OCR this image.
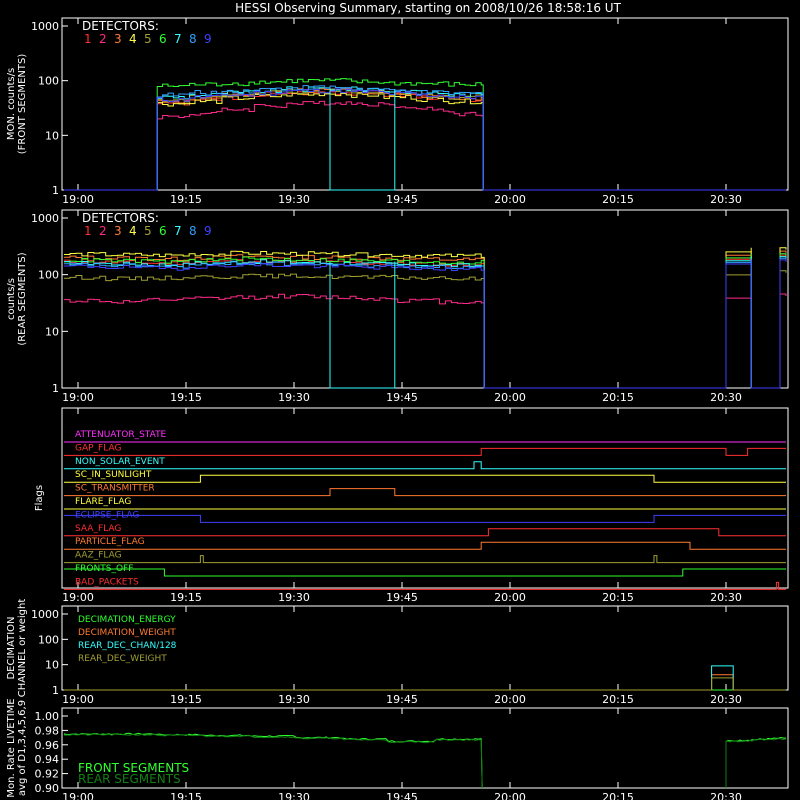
HESSI Observing Summary, starting on 2008/10/26 18:58:16 UT
19:00	19:15	19:30	19:45	20:00	20:15	20:30
1
10
100
1000
MON. counts/s (FRONT SEGMENTS)
19:00	19:15	19:30	19:45	20:00	20:15	20:30
1
10
100
1000
counts/s (REAR SEGMENTS)
19:00	19:15	19:30	19:45	20:00	20:15	20:30
Flags
19:00	19:15	19:30	19:45	20:00	20:15	20:30
1
10
100
1000
DECIMATION CHANNEL or weight
19:00	19:15	19:30	19:45	20:00	20:15	20:30
0.90
0.92
0.94
0.96
0.98
1.00
Mon. Rate LIVETIME avg of D1,3,4,5,6,9
DETECTORS:
1 2 3 4 5 6 7 8 9
DETECTORS:
1 2 3 4 5 6 7 8 9
ATTENUATOR_STATE
GAP_FLAG
NON_SOLAR_EVENT
SC_IN_SUNLIGHT
SC_TRANSMITTER
FLARE_FLAG
ECLIPSE_FLAG
SAA_FLAG
PARTICLE_FLAG
AAZ_FLAG
FRONTS_OFF
BAD_PACKETS
DECIMATION_ENERGY
DECIMATION_WEIGHT
REAR_DEC_CHAN/128
REAR_DEC_WEIGHT
FRONT SEGMENTS
REAR SEGMENTS
